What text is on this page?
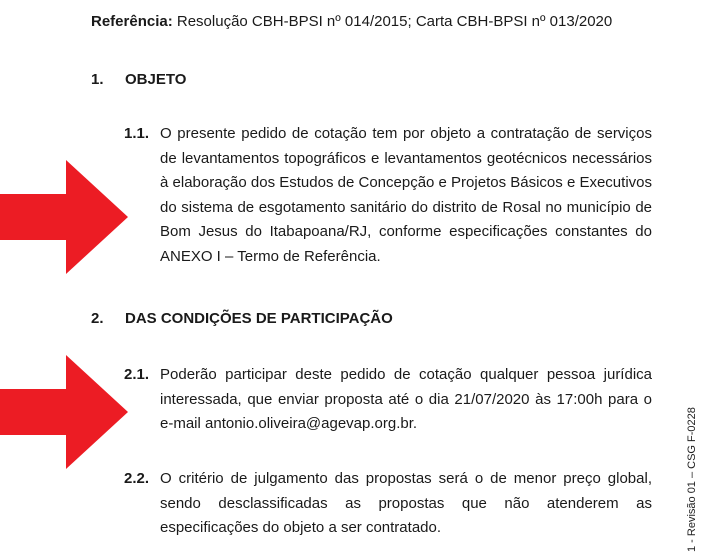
Referência: Resolução CBH-BPSI nº 014/2015; Carta CBH-BPSI nº 013/2020
1. OBJETO
1.1. O presente pedido de cotação tem por objeto a contratação de serviços de levantamentos topográficos e levantamentos geotécnicos necessários à elaboração dos Estudos de Concepção e Projetos Básicos e Executivos do sistema de esgotamento sanitário do distrito de Rosal no município de Bom Jesus do Itabapoana/RJ, conforme especificações constantes do ANEXO I – Termo de Referência.
2. DAS CONDIÇÕES DE PARTICIPAÇÃO
2.1. Poderão participar deste pedido de cotação qualquer pessoa jurídica interessada, que enviar proposta até o dia 21/07/2020 às 17:00h para o e-mail antonio.oliveira@agevap.org.br.
2.2. O critério de julgamento das propostas será o de menor preço global, sendo desclassificadas as propostas que não atenderem as especificações do objeto a ser contratado.	1 - Revisão 01 – CSG F-0228
